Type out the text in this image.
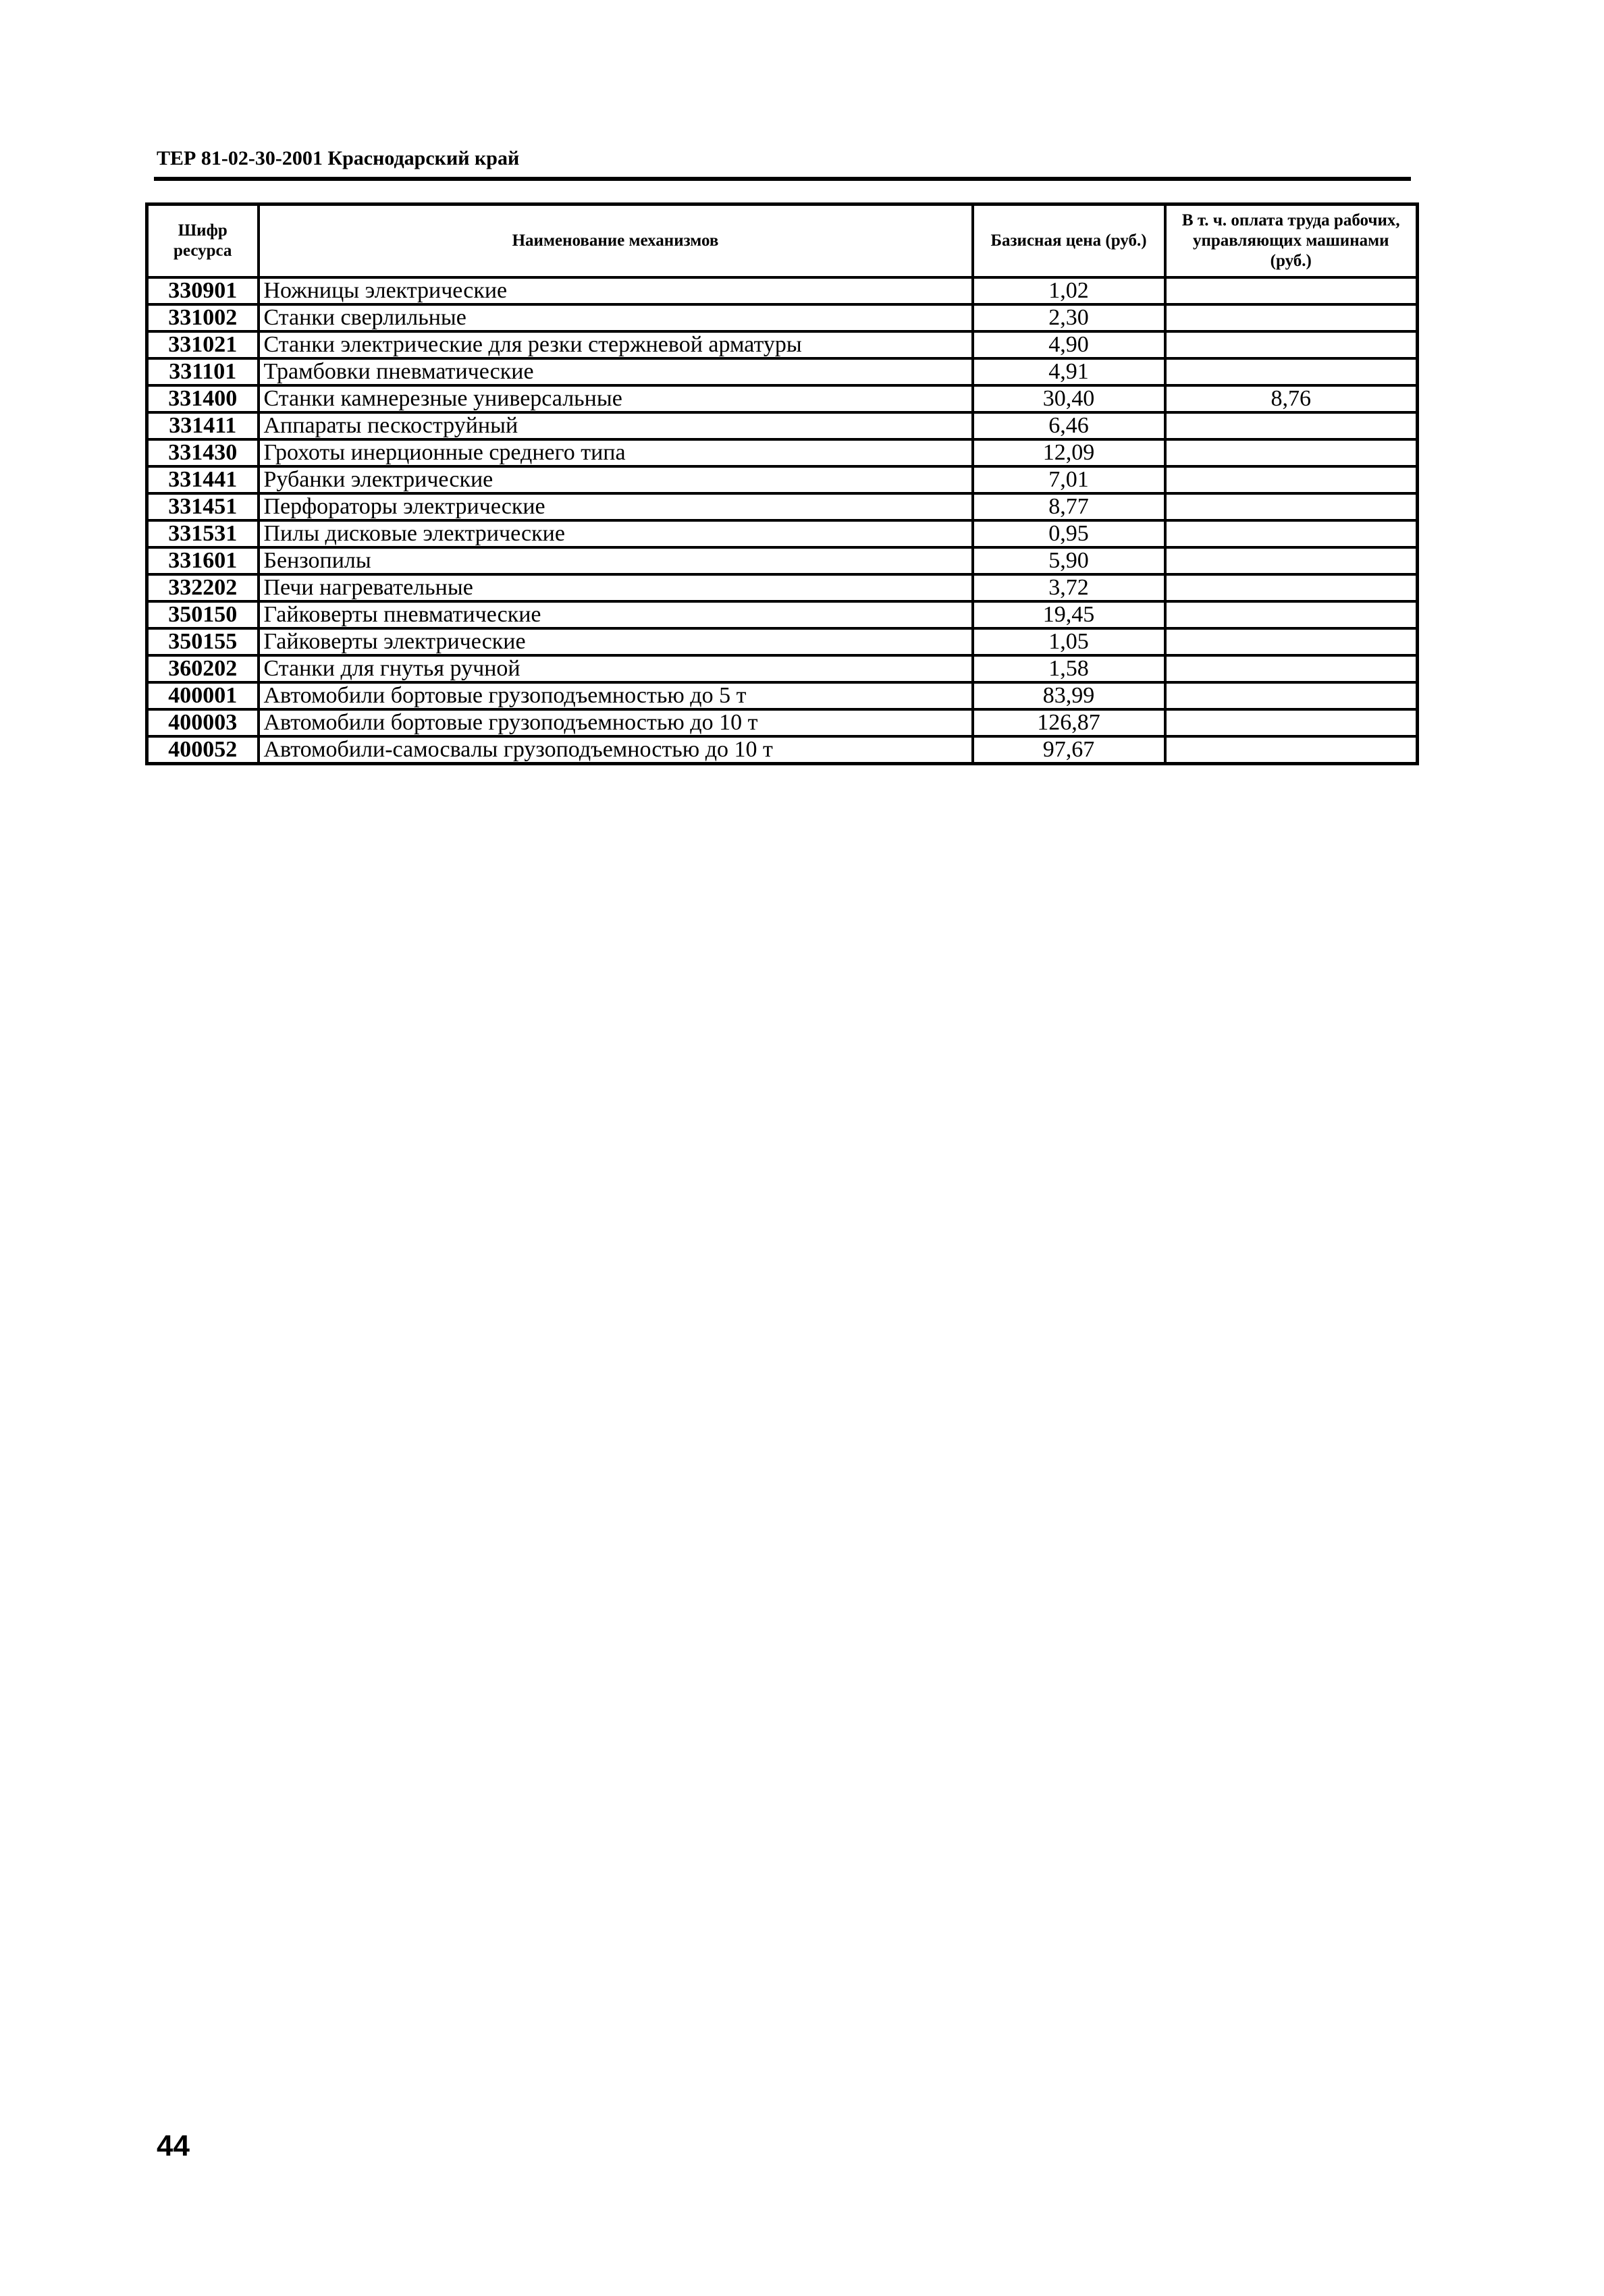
ТЕР 81-02-30-2001 Краснодарский край
Шифр ресурса	Наименование механизмов	Базисная цена (руб.)	В т. ч. оплата труда рабочих, управляющих машинами (руб.)
330901	Ножницы электрические	1,02	
331002	Станки сверлильные	2,30	
331021	Станки электрические для резки стержневой арматуры	4,90	
331101	Трамбовки пневматические	4,91	
331400	Станки камнерезные универсальные	30,40	8,76
331411	Аппараты пескоструйный	6,46	
331430	Грохоты инерционные среднего типа	12,09	
331441	Рубанки электрические	7,01	
331451	Перфораторы электрические	8,77	
331531	Пилы дисковые электрические	0,95	
331601	Бензопилы	5,90	
332202	Печи нагревательные	3,72	
350150	Гайковерты пневматические	19,45	
350155	Гайковерты электрические	1,05	
360202	Станки для гнутья ручной	1,58	
400001	Автомобили бортовые грузоподъемностью до 5 т	83,99	
400003	Автомобили бортовые грузоподъемностью до 10 т	126,87	
400052	Автомобили-самосвалы грузоподъемностью до 10 т	97,67	
44
